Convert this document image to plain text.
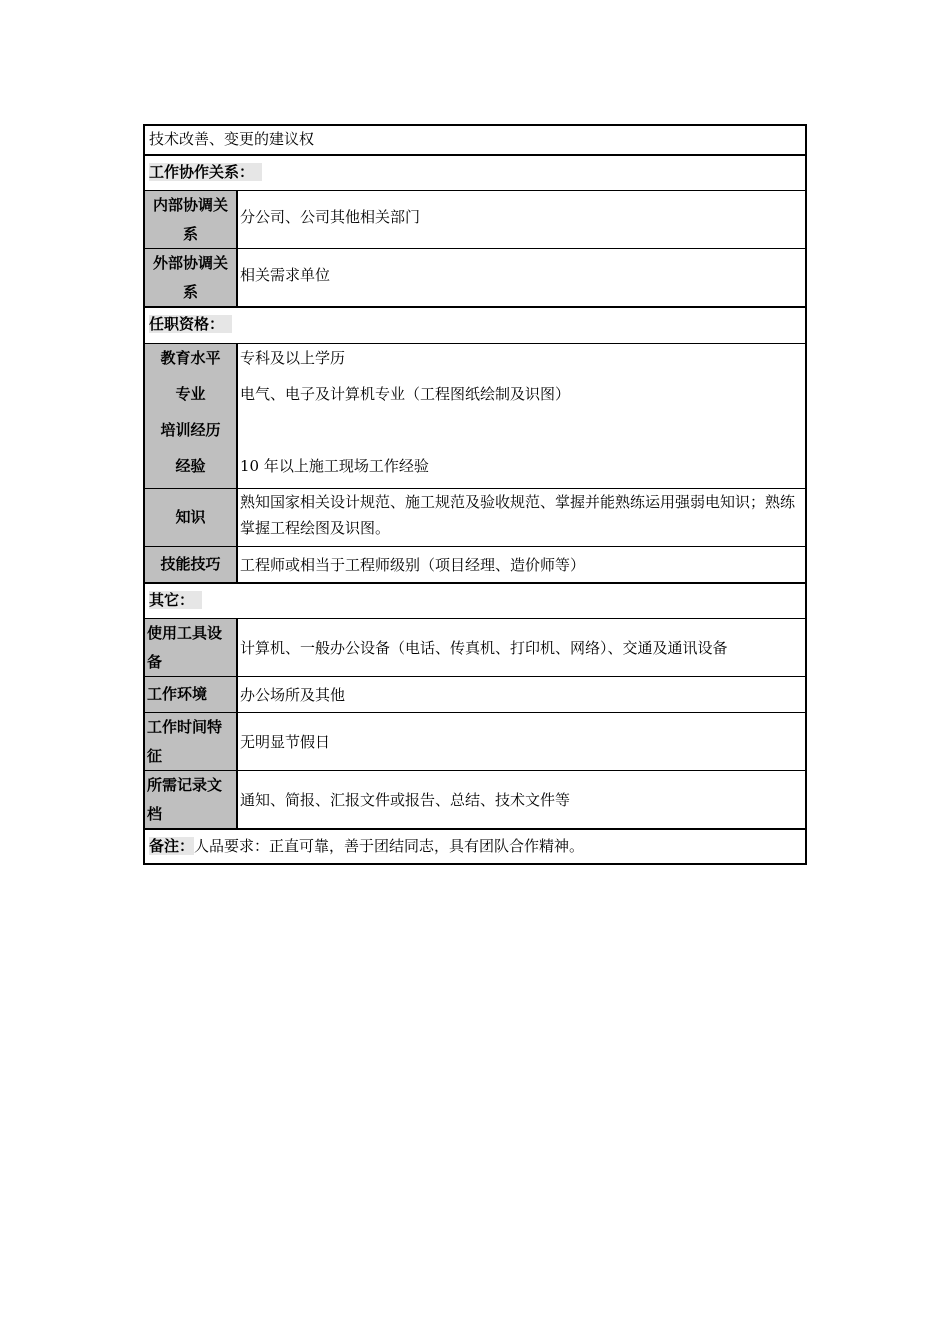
技术改善、变更的建议权
工作协作关系：
内部协调关系
分公司、公司其他相关部门
外部协调关系
相关需求单位
任职资格：
教育水平
专业
培训经历
经验
专科及以上学历
电气、电子及计算机专业（工程图纸绘制及识图）
10 年以上施工现场工作经验
知识
熟知国家相关设计规范、施工规范及验收规范、掌握并能熟练运用强弱电知识；熟练掌握工程绘图及识图。
技能技巧	工程师或相当于工程师级别（项目经理、造价师等）
其它：
使用工具设备
计算机、一般办公设备（电话、传真机、打印机、网络）、交通及通讯设备
工作环境	办公场所及其他
工作时间特征
无明显节假日
所需记录文档
通知、简报、汇报文件或报告、总结、技术文件等
备注：人品要求：正直可靠，善于团结同志，具有团队合作精神。
